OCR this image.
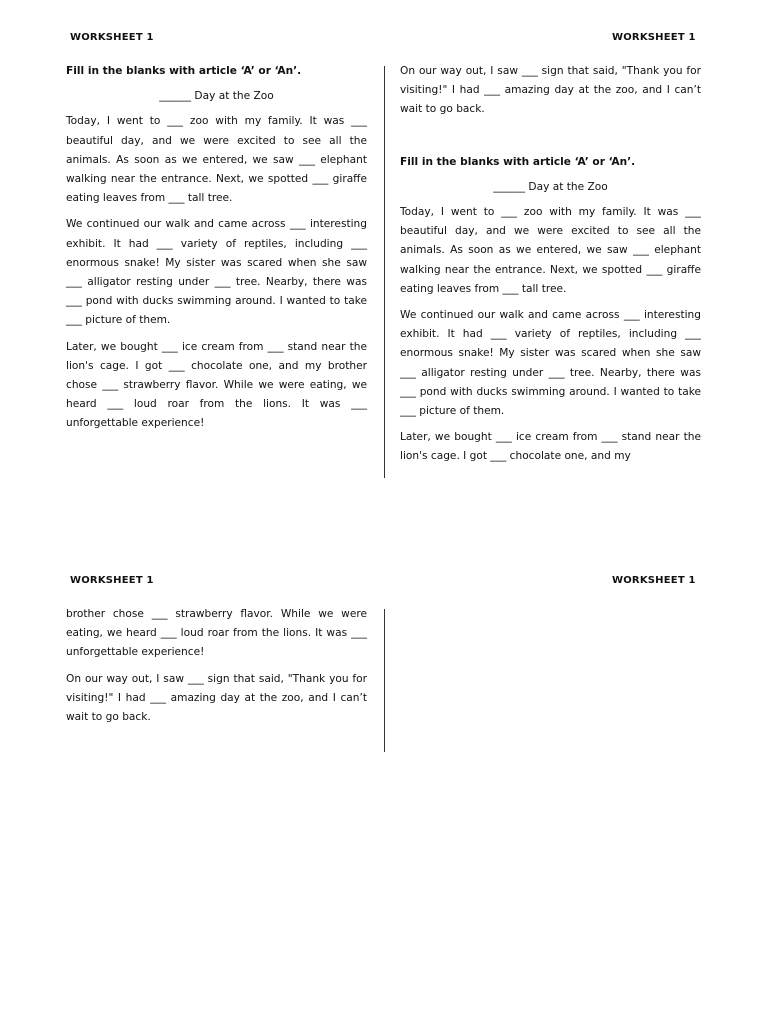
WORKSHEET 1	WORKSHEET 1

Fill in the blanks with article ‘A’ or ‘An’.

______ Day at the Zoo

Today, I went to ___ zoo with my family. It was ___ beautiful day, and we were excited to see all the animals. As soon as we entered, we saw ___ elephant walking near the entrance. Next, we spotted ___ giraffe eating leaves from ___ tall tree.

We continued our walk and came across ___ interesting exhibit. It had ___ variety of reptiles, including ___ enormous snake! My sister was scared when she saw ___ alligator resting under ___ tree. Nearby, there was ___ pond with ducks swimming around. I wanted to take ___ picture of them.

Later, we bought ___ ice cream from ___ stand near the lion's cage. I got ___ chocolate one, and my brother chose ___ strawberry flavor. While we were eating, we heard ___ loud roar from the lions. It was ___ unforgettable experience!

On our way out, I saw ___ sign that said, "Thank you for visiting!" I had ___ amazing day at the zoo, and I can’t wait to go back.

Fill in the blanks with article ‘A’ or ‘An’.

______ Day at the Zoo

Today, I went to ___ zoo with my family. It was ___ beautiful day, and we were excited to see all the animals. As soon as we entered, we saw ___ elephant walking near the entrance. Next, we spotted ___ giraffe eating leaves from ___ tall tree.

We continued our walk and came across ___ interesting exhibit. It had ___ variety of reptiles, including ___ enormous snake! My sister was scared when she saw ___ alligator resting under ___ tree. Nearby, there was ___ pond with ducks swimming around. I wanted to take ___ picture of them.

Later, we bought ___ ice cream from ___ stand near the lion's cage. I got ___ chocolate one, and my

WORKSHEET 1	WORKSHEET 1

brother chose ___ strawberry flavor. While we were eating, we heard ___ loud roar from the lions. It was ___ unforgettable experience!

On our way out, I saw ___ sign that said, "Thank you for visiting!" I had ___ amazing day at the zoo, and I can’t wait to go back.
